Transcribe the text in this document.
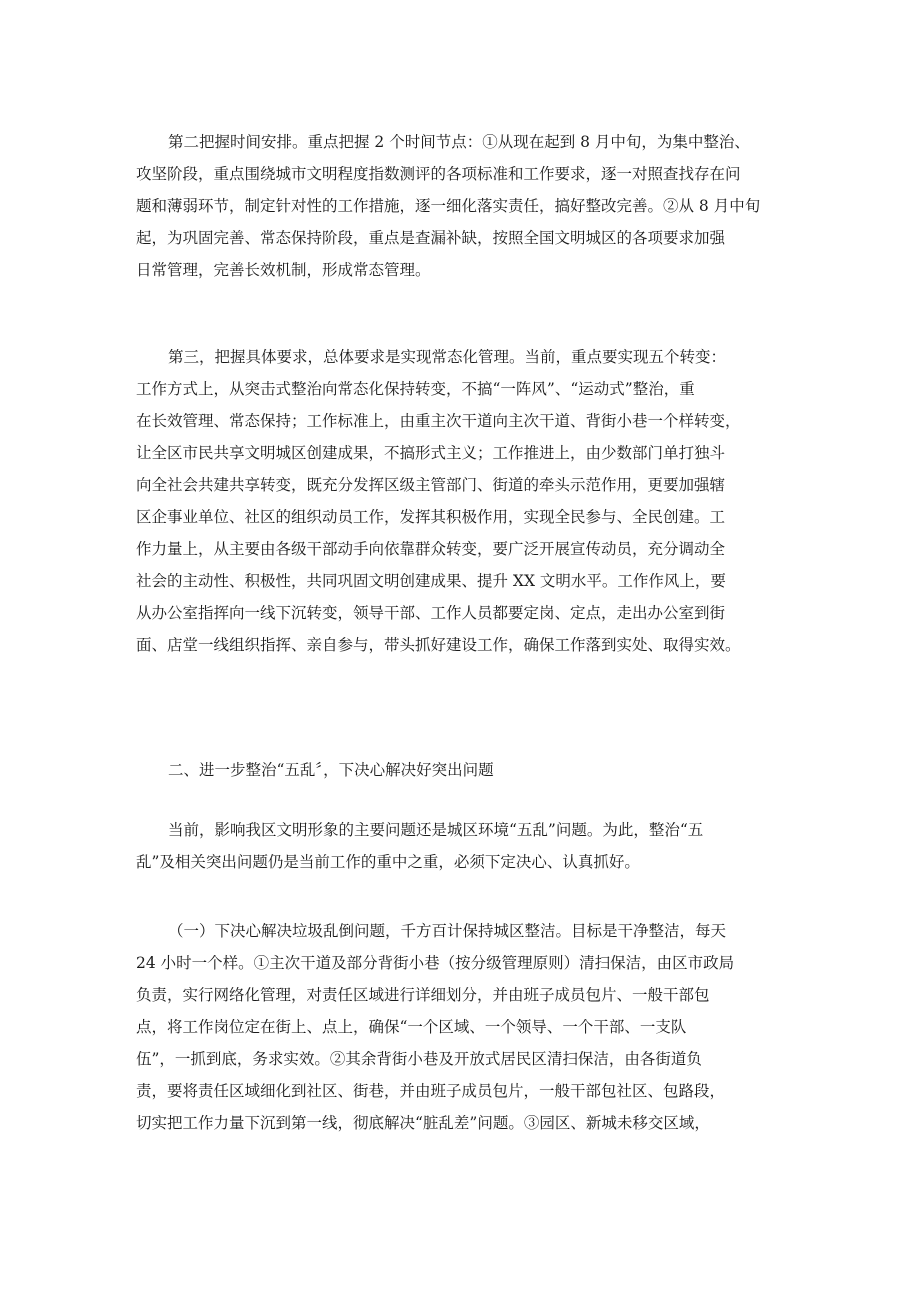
第二把握时间安排。重点把握 2 个时间节点：①从现在起到 8 月中旬，为集中整治、
攻坚阶段，重点围绕城市文明程度指数测评的各项标准和工作要求，逐一对照查找存在问
题和薄弱环节，制定针对性的工作措施，逐一细化落实责任，搞好整改完善。②从 8 月中旬
起，为巩固完善、常态保持阶段，重点是查漏补缺，按照全国文明城区的各项要求加强
日常管理，完善长效机制，形成常态管理。

第三，把握具体要求，总体要求是实现常态化管理。当前，重点要实现五个转变：
工作方式上，从突击式整治向常态化保持转变，不搞“一阵风”、“运动式”整治，重
在长效管理、常态保持；工作标准上，由重主次干道向主次干道、背街小巷一个样转变，
让全区市民共享文明城区创建成果，不搞形式主义；工作推进上，由少数部门单打独斗
向全社会共建共享转变，既充分发挥区级主管部门、街道的牵头示范作用，更要加强辖
区企事业单位、社区的组织动员工作，发挥其积极作用，实现全民参与、全民创建。工
作力量上，从主要由各级干部动手向依靠群众转变，要广泛开展宣传动员，充分调动全
社会的主动性、积极性，共同巩固文明创建成果、提升 XX 文明水平。工作作风上，要
从办公室指挥向一线下沉转变，领导干部、工作人员都要定岗、定点，走出办公室到街
面、店堂一线组织指挥、亲自参与，带头抓好建设工作，确保工作落到实处、取得实效。

二、进一步整治“五乱〞，下决心解决好突出问题

当前，影响我区文明形象的主要问题还是城区环境“五乱”问题。为此，整治“五
乱”及相关突出问题仍是当前工作的重中之重，必须下定决心、认真抓好。

（一）下决心解决垃圾乱倒问题，千方百计保持城区整洁。目标是干净整洁，每天
24 小时一个样。①主次干道及部分背街小巷（按分级管理原则）清扫保洁，由区市政局
负责，实行网络化管理，对责任区域进行详细划分，并由班子成员包片、一般干部包
点，将工作岗位定在街上、点上，确保“一个区域、一个领导、一个干部、一支队
伍”，一抓到底，务求实效。②其余背街小巷及开放式居民区清扫保洁，由各街道负
责，要将责任区域细化到社区、街巷，并由班子成员包片，一般干部包社区、包路段，
切实把工作力量下沉到第一线，彻底解决“脏乱差”问题。③园区、新城未移交区域，
